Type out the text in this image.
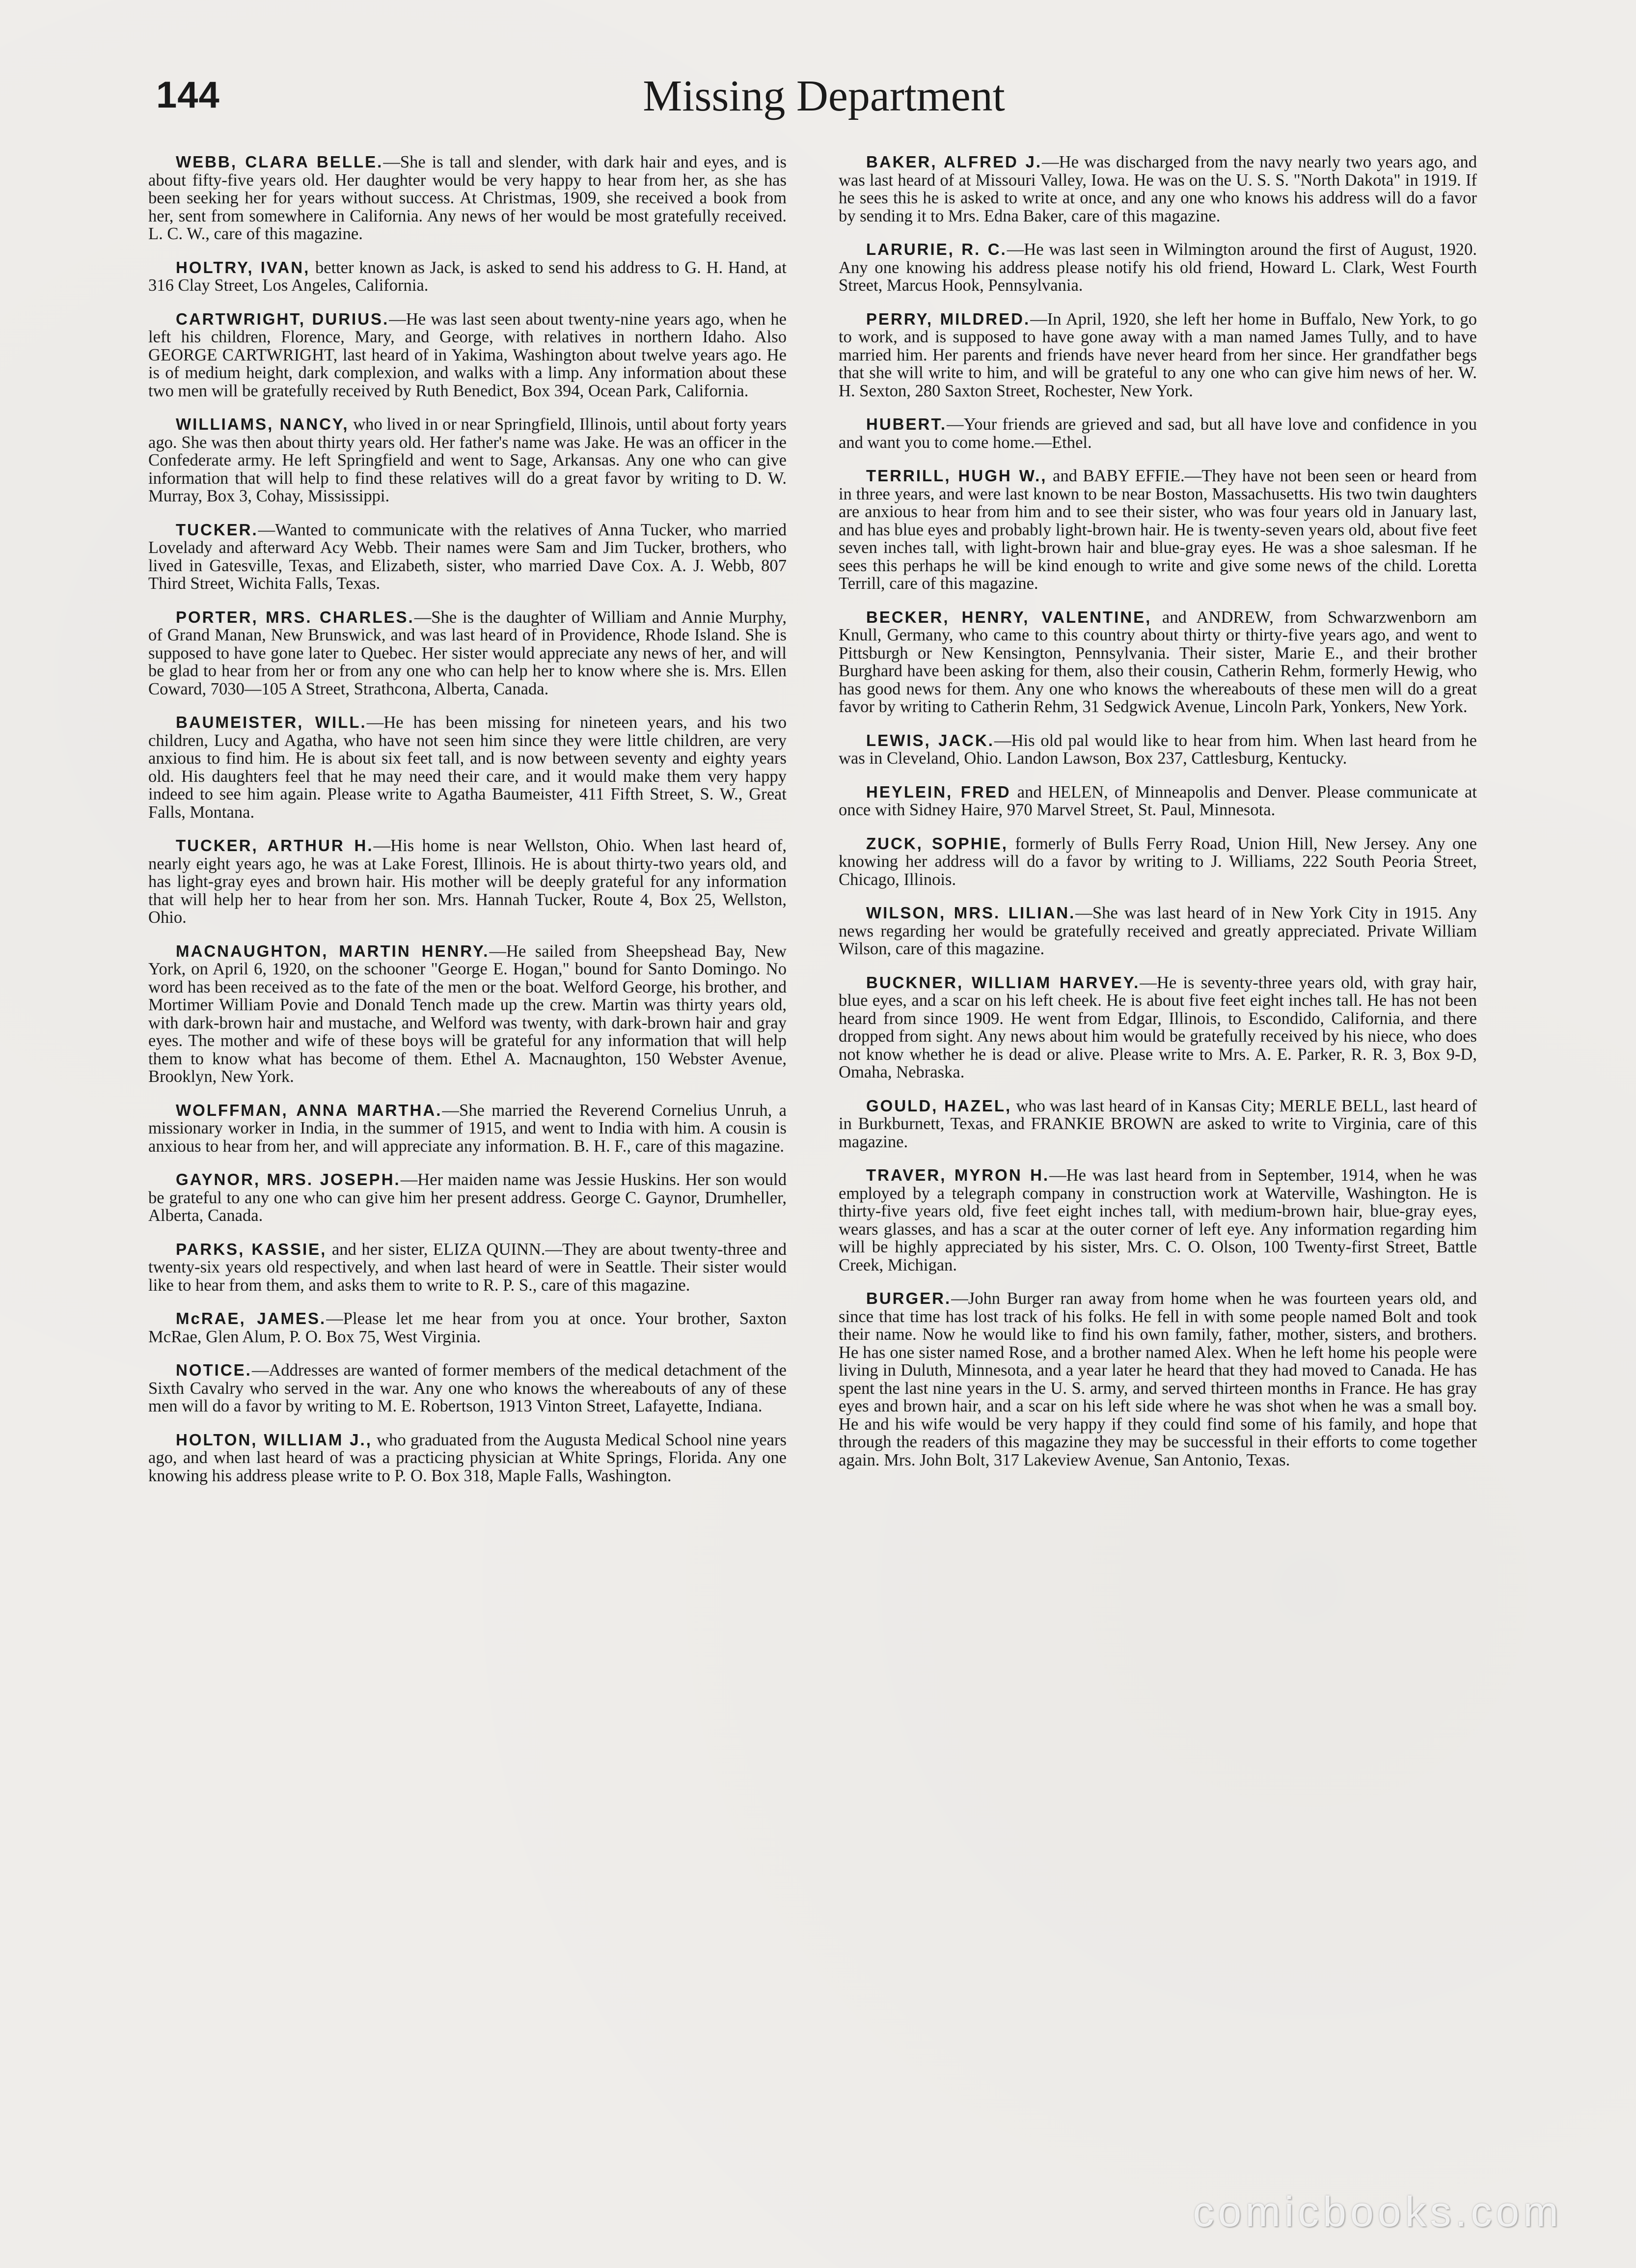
144	Missing Department

WEBB, CLARA BELLE.—She is tall and slender, with dark hair and eyes, and is about fifty-five years old. Her daughter would be very happy to hear from her, as she has been seeking her for years without success. At Christmas, 1909, she received a book from her, sent from somewhere in California. Any news of her would be most gratefully received. L. C. W., care of this magazine.

HOLTRY, IVAN, better known as Jack, is asked to send his address to G. H. Hand, at 316 Clay Street, Los Angeles, California.

CARTWRIGHT, DURIUS.—He was last seen about twenty-nine years ago, when he left his children, Florence, Mary, and George, with relatives in northern Idaho. Also GEORGE CARTWRIGHT, last heard of in Yakima, Washington about twelve years ago. He is of medium height, dark complexion, and walks with a limp. Any information about these two men will be gratefully received by Ruth Benedict, Box 394, Ocean Park, California.

WILLIAMS, NANCY, who lived in or near Springfield, Illinois, until about forty years ago. She was then about thirty years old. Her father's name was Jake. He was an officer in the Confederate army. He left Springfield and went to Sage, Arkansas. Any one who can give information that will help to find these relatives will do a great favor by writing to D. W. Murray, Box 3, Cohay, Mississippi.

TUCKER.—Wanted to communicate with the relatives of Anna Tucker, who married Lovelady and afterward Acy Webb. Their names were Sam and Jim Tucker, brothers, who lived in Gatesville, Texas, and Elizabeth, sister, who married Dave Cox. A. J. Webb, 807 Third Street, Wichita Falls, Texas.

PORTER, MRS. CHARLES.—She is the daughter of William and Annie Murphy, of Grand Manan, New Brunswick, and was last heard of in Providence, Rhode Island. She is supposed to have gone later to Quebec. Her sister would appreciate any news of her, and will be glad to hear from her or from any one who can help her to know where she is. Mrs. Ellen Coward, 7030—105 A Street, Strathcona, Alberta, Canada.

BAUMEISTER, WILL.—He has been missing for nineteen years, and his two children, Lucy and Agatha, who have not seen him since they were little children, are very anxious to find him. He is about six feet tall, and is now between seventy and eighty years old. His daughters feel that he may need their care, and it would make them very happy indeed to see him again. Please write to Agatha Baumeister, 411 Fifth Street, S. W., Great Falls, Montana.

TUCKER, ARTHUR H.—His home is near Wellston, Ohio. When last heard of, nearly eight years ago, he was at Lake Forest, Illinois. He is about thirty-two years old, and has light-gray eyes and brown hair. His mother will be deeply grateful for any information that will help her to hear from her son. Mrs. Hannah Tucker, Route 4, Box 25, Wellston, Ohio.

MACNAUGHTON, MARTIN HENRY.—He sailed from Sheepshead Bay, New York, on April 6, 1920, on the schooner "George E. Hogan," bound for Santo Domingo. No word has been received as to the fate of the men or the boat. Welford George, his brother, and Mortimer William Povie and Donald Tench made up the crew. Martin was thirty years old, with dark-brown hair and mustache, and Welford was twenty, with dark-brown hair and gray eyes. The mother and wife of these boys will be grateful for any information that will help them to know what has become of them. Ethel A. Macnaughton, 150 Webster Avenue, Brooklyn, New York.

WOLFFMAN, ANNA MARTHA.—She married the Reverend Cornelius Unruh, a missionary worker in India, in the summer of 1915, and went to India with him. A cousin is anxious to hear from her, and will appreciate any information. B. H. F., care of this magazine.

GAYNOR, MRS. JOSEPH.—Her maiden name was Jessie Huskins. Her son would be grateful to any one who can give him her present address. George C. Gaynor, Drumheller, Alberta, Canada.

PARKS, KASSIE, and her sister, ELIZA QUINN.—They are about twenty-three and twenty-six years old respectively, and when last heard of were in Seattle. Their sister would like to hear from them, and asks them to write to R. P. S., care of this magazine.

McRAE, JAMES.—Please let me hear from you at once. Your brother, Saxton McRae, Glen Alum, P. O. Box 75, West Virginia.

NOTICE.—Addresses are wanted of former members of the medical detachment of the Sixth Cavalry who served in the war. Any one who knows the whereabouts of any of these men will do a favor by writing to M. E. Robertson, 1913 Vinton Street, Lafayette, Indiana.

HOLTON, WILLIAM J., who graduated from the Augusta Medical School nine years ago, and when last heard of was a practicing physician at White Springs, Florida. Any one knowing his address please write to P. O. Box 318, Maple Falls, Washington.

BAKER, ALFRED J.—He was discharged from the navy nearly two years ago, and was last heard of at Missouri Valley, Iowa. He was on the U. S. S. "North Dakota" in 1919. If he sees this he is asked to write at once, and any one who knows his address will do a favor by sending it to Mrs. Edna Baker, care of this magazine.

LARURIE, R. C.—He was last seen in Wilmington around the first of August, 1920. Any one knowing his address please notify his old friend, Howard L. Clark, West Fourth Street, Marcus Hook, Pennsylvania.

PERRY, MILDRED.—In April, 1920, she left her home in Buffalo, New York, to go to work, and is supposed to have gone away with a man named James Tully, and to have married him. Her parents and friends have never heard from her since. Her grandfather begs that she will write to him, and will be grateful to any one who can give him news of her. W. H. Sexton, 280 Saxton Street, Rochester, New York.

HUBERT.—Your friends are grieved and sad, but all have love and confidence in you and want you to come home.—Ethel.

TERRILL, HUGH W., and BABY EFFIE.—They have not been seen or heard from in three years, and were last known to be near Boston, Massachusetts. His two twin daughters are anxious to hear from him and to see their sister, who was four years old in January last, and has blue eyes and probably light-brown hair. He is twenty-seven years old, about five feet seven inches tall, with light-brown hair and blue-gray eyes. He was a shoe salesman. If he sees this perhaps he will be kind enough to write and give some news of the child. Loretta Terrill, care of this magazine.

BECKER, HENRY, VALENTINE, and ANDREW, from Schwarzwenborn am Knull, Germany, who came to this country about thirty or thirty-five years ago, and went to Pittsburgh or New Kensington, Pennsylvania. Their sister, Marie E., and their brother Burghard have been asking for them, also their cousin, Catherin Rehm, formerly Hewig, who has good news for them. Any one who knows the whereabouts of these men will do a great favor by writing to Catherin Rehm, 31 Sedgwick Avenue, Lincoln Park, Yonkers, New York.

LEWIS, JACK.—His old pal would like to hear from him. When last heard from he was in Cleveland, Ohio. Landon Lawson, Box 237, Cattlesburg, Kentucky.

HEYLEIN, FRED and HELEN, of Minneapolis and Denver. Please communicate at once with Sidney Haire, 970 Marvel Street, St. Paul, Minnesota.

ZUCK, SOPHIE, formerly of Bulls Ferry Road, Union Hill, New Jersey. Any one knowing her address will do a favor by writing to J. Williams, 222 South Peoria Street, Chicago, Illinois.

WILSON, MRS. LILIAN.—She was last heard of in New York City in 1915. Any news regarding her would be gratefully received and greatly appreciated. Private William Wilson, care of this magazine.

BUCKNER, WILLIAM HARVEY.—He is seventy-three years old, with gray hair, blue eyes, and a scar on his left cheek. He is about five feet eight inches tall. He has not been heard from since 1909. He went from Edgar, Illinois, to Escondido, California, and there dropped from sight. Any news about him would be gratefully received by his niece, who does not know whether he is dead or alive. Please write to Mrs. A. E. Parker, R. R. 3, Box 9-D, Omaha, Nebraska.

GOULD, HAZEL, who was last heard of in Kansas City; MERLE BELL, last heard of in Burkburnett, Texas, and FRANKIE BROWN are asked to write to Virginia, care of this magazine.

TRAVER, MYRON H.—He was last heard from in September, 1914, when he was employed by a telegraph company in construction work at Waterville, Washington. He is thirty-five years old, five feet eight inches tall, with medium-brown hair, blue-gray eyes, wears glasses, and has a scar at the outer corner of left eye. Any information regarding him will be highly appreciated by his sister, Mrs. C. O. Olson, 100 Twenty-first Street, Battle Creek, Michigan.

BURGER.—John Burger ran away from home when he was fourteen years old, and since that time has lost track of his folks. He fell in with some people named Bolt and took their name. Now he would like to find his own family, father, mother, sisters, and brothers. He has one sister named Rose, and a brother named Alex. When he left home his people were living in Duluth, Minnesota, and a year later he heard that they had moved to Canada. He has spent the last nine years in the U. S. army, and served thirteen months in France. He has gray eyes and brown hair, and a scar on his left side where he was shot when he was a small boy. He and his wife would be very happy if they could find some of his family, and hope that through the readers of this magazine they may be successful in their efforts to come together again. Mrs. John Bolt, 317 Lakeview Avenue, San Antonio, Texas.

comicbooks.com
